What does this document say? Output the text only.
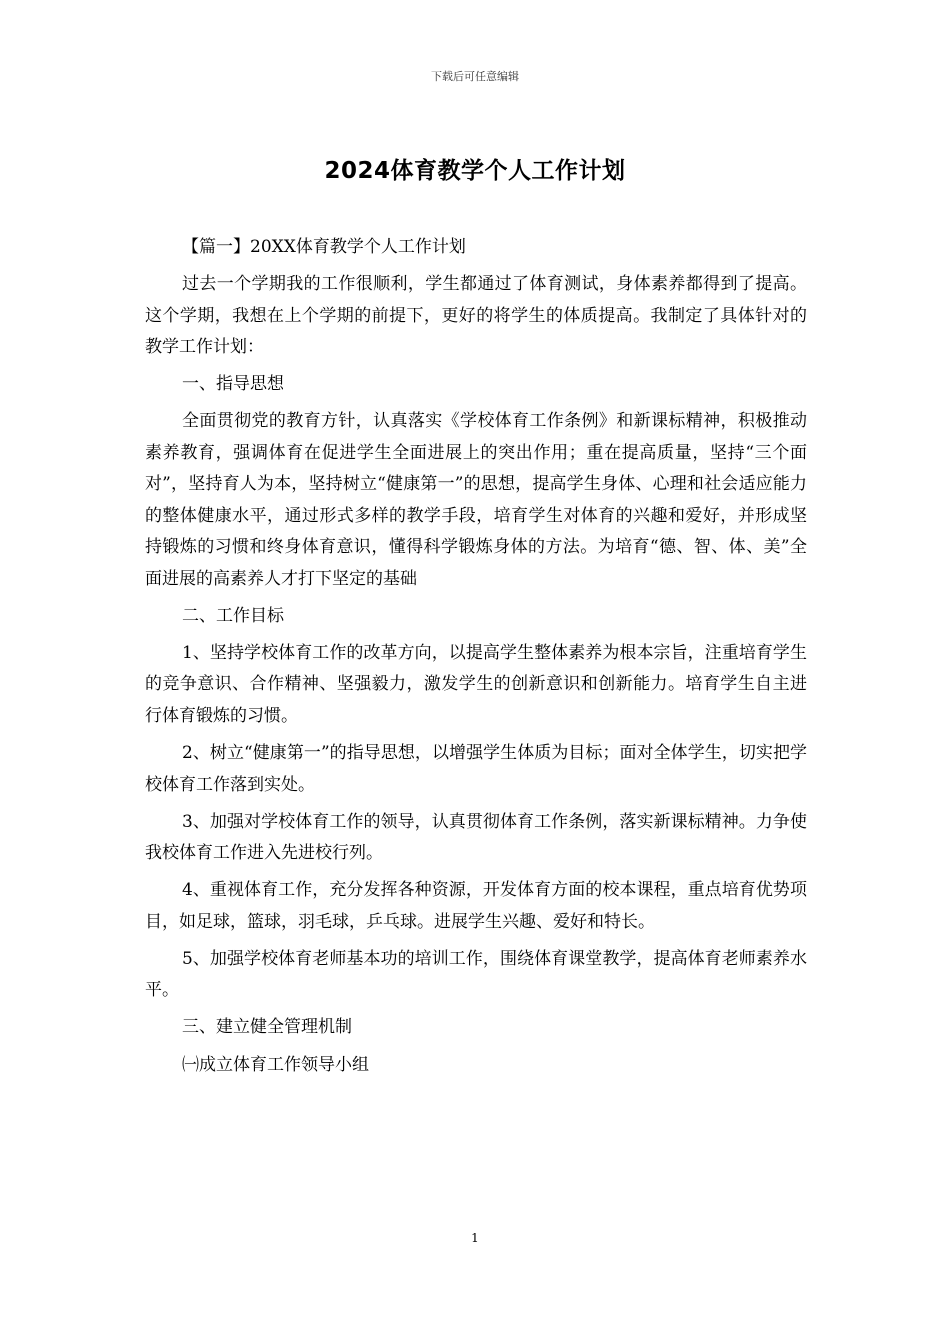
下载后可任意编辑
2024体育教学个人工作计划

【篇一】20XX体育教学个人工作计划

过去一个学期我的工作很顺利，学生都通过了体育测试，身体素养都得到了提高。这个学期，我想在上个学期的前提下，更好的将学生的体质提高。我制定了具体针对的教学工作计划：

一、指导思想

全面贯彻党的教育方针，认真落实《学校体育工作条例》和新课标精神，积极推动素养教育，强调体育在促进学生全面进展上的突出作用；重在提高质量，坚持“三个面对”，坚持育人为本，坚持树立“健康第一”的思想，提高学生身体、心理和社会适应能力的整体健康水平，通过形式多样的教学手段，培育学生对体育的兴趣和爱好，并形成坚持锻炼的习惯和终身体育意识，懂得科学锻炼身体的方法。为培育“德、智、体、美”全面进展的高素养人才打下坚定的基础

二、工作目标

1、坚持学校体育工作的改革方向，以提高学生整体素养为根本宗旨，注重培育学生的竞争意识、合作精神、坚强毅力，激发学生的创新意识和创新能力。培育学生自主进行体育锻炼的习惯。

2、树立“健康第一”的指导思想，以增强学生体质为目标；面对全体学生，切实把学校体育工作落到实处。

3、加强对学校体育工作的领导，认真贯彻体育工作条例，落实新课标精神。力争使我校体育工作进入先进校行列。

4、重视体育工作，充分发挥各种资源，开发体育方面的校本课程，重点培育优势项目，如足球，篮球，羽毛球，乒乓球。进展学生兴趣、爱好和特长。

5、加强学校体育老师基本功的培训工作，围绕体育课堂教学，提高体育老师素养水平。

三、建立健全管理机制

㈠成立体育工作领导小组

1
